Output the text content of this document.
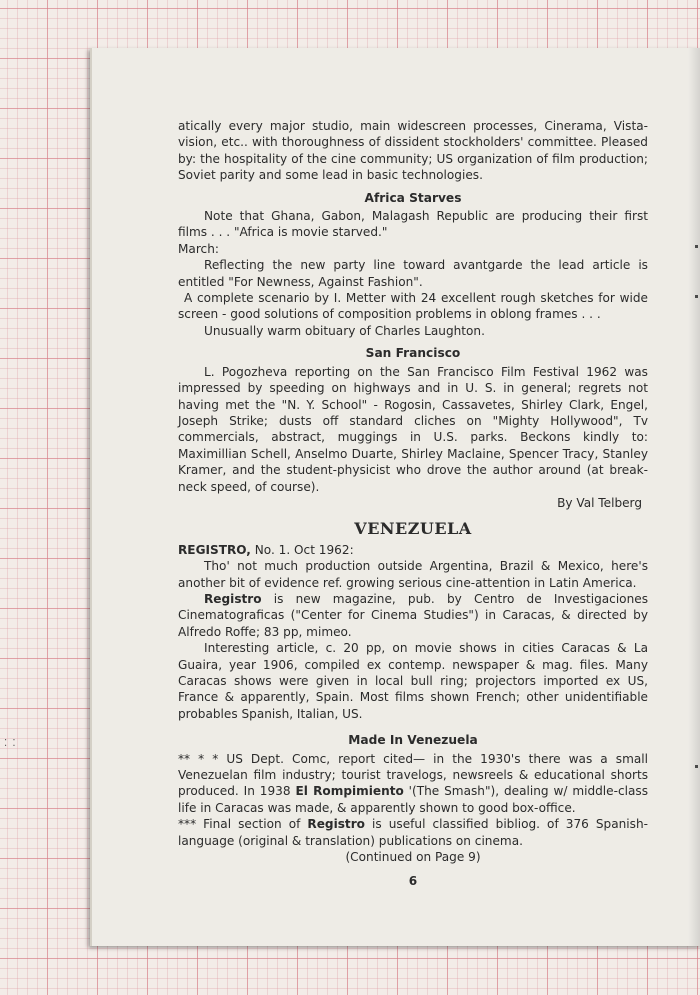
atically every major studio, main widescreen processes, Cinerama, Vista-vision, etc.. with thoroughness of dissident stockholders' committee. Pleased by: the hospitality of the cine community; US organization of film production; Soviet parity and some lead in basic technologies.

Africa Starves

Note that Ghana, Gabon, Malagash Republic are producing their first films . . . "Africa is movie starved."

March:

Reflecting the new party line toward avantgarde the lead article is entitled "For Newness, Against Fashion".

A complete scenario by I. Metter with 24 excellent rough sketches for wide screen - good solutions of composition problems in oblong frames . . .

Unusually warm obituary of Charles Laughton.

San Francisco

L. Pogozheva reporting on the San Francisco Film Festival 1962 was impressed by speeding on highways and in U. S. in general; regrets not having met the "N. Y. School" - Rogosin, Cassavetes, Shirley Clark, Engel, Joseph Strike; dusts off standard cliches on "Mighty Hollywood", Tv commercials, abstract, muggings in U.S. parks. Beckons kindly to: Maximillian Schell, Anselmo Duarte, Shirley Maclaine, Spencer Tracy, Stanley Kramer, and the student-physicist who drove the author around (at break-neck speed, of course).

By Val Telberg

VENEZUELA

REGISTRO, No. 1. Oct 1962:

Tho' not much production outside Argentina, Brazil & Mexico, here's another bit of evidence ref. growing serious cine-attention in Latin America.

Registro is new magazine, pub. by Centro de Investigaciones Cinematograficas ("Center for Cinema Studies") in Caracas, & directed by Alfredo Roffe; 83 pp, mimeo.

Interesting article, c. 20 pp, on movie shows in cities Caracas & La Guaira, year 1906, compiled ex contemp. newspaper & mag. files. Many Caracas shows were given in local bull ring; projectors imported ex US, France & apparently, Spain. Most films shown French; other unidentifiable probables Spanish, Italian, US.

Made In Venezuela

** * * US Dept. Comc, report cited— in the 1930's there was a small Venezuelan film industry; tourist travelogs, newsreels & educational shorts produced. In 1938 El Rompimiento '(The Smash"), dealing w/ middle-class life in Caracas was made, & apparently shown to good box-office.

*** Final section of Registro is useful classified bibliog. of 376 Spanish-language (original & translation) publications on cinema.

(Continued on Page 9)

6

⁚ ⁚
